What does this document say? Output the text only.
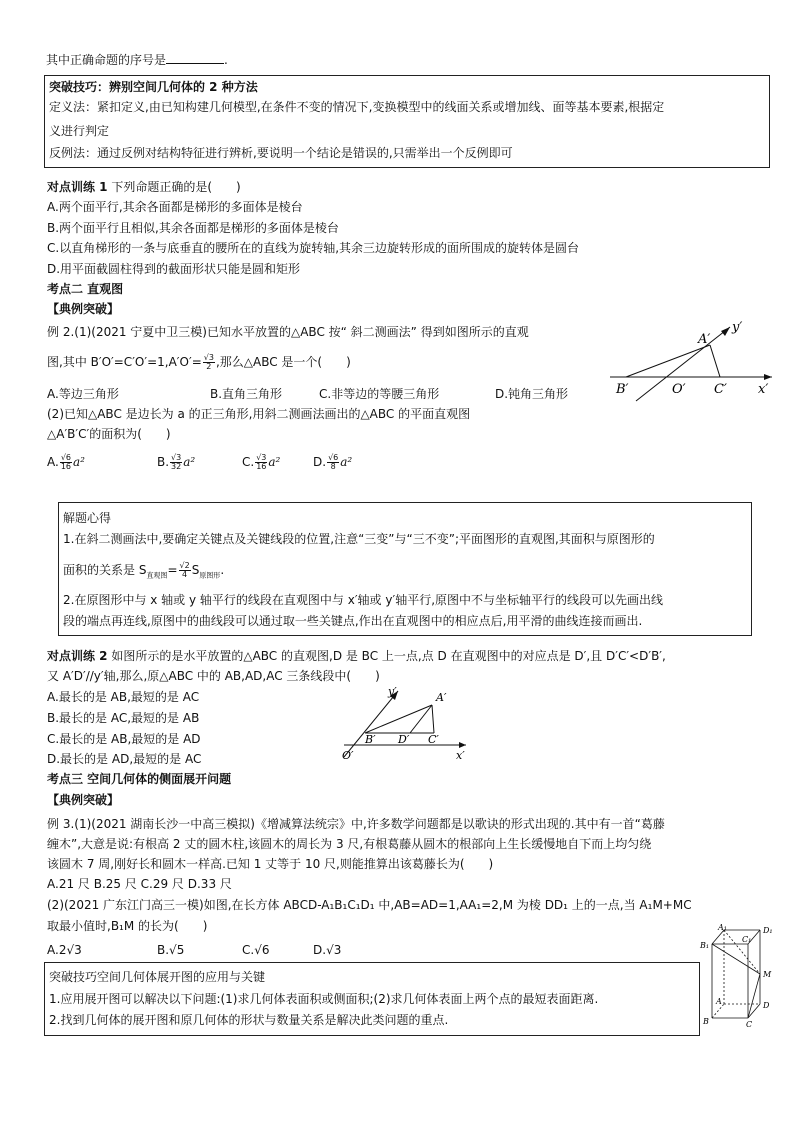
其中正确命题的序号是	.
突破技巧：辨别空间几何体的 2 种方法
定义法：紧扣定义,由已知构建几何模型,在条件不变的情况下,变换模型中的线面关系或增加线、面等基本要素,根据定
义进行判定
反例法：通过反例对结构特征进行辨析,要说明一个结论是错误的,只需举出一个反例即可
对点训练 1 下列命题正确的是(　　)
A.两个面平行,其余各面都是梯形的多面体是棱台
B.两个面平行且相似,其余各面都是梯形的多面体是棱台
C.以直角梯形的一条与底垂直的腰所在的直线为旋转轴,其余三边旋转形成的面所围成的旋转体是圆台
D.用平面截圆柱得到的截面形状只能是圆和矩形
考点二 直观图
【典例突破】
例 2.(1)(2021 宁夏中卫三模)已知水平放置的△ABC 按“ 斜二测画法” 得到如图所示的直观
图,其中 $B'O'=C'O'=1,A'O'= \frac{√3}{2}$ ,那么△ABC 是一个(　　)
A.等边三角形	B.直角三角形	C.非等边的等腰三角形	D.钝角三角形
(2)已知△ABC 是边长为 a 的正三角形,用斜二测画法画出的△ABC 的平面直观图
△A′B′C′的面积为(　　)
A. $\frac{√6}{16} a^2$	B. $\frac{√3}{32} a^2$	C. $\frac{√3}{16} a^2$	D. $\frac{√6}{8} a^2$
A′
y′
B′	O′ C′ x′
解题心得
1.在斜二测画法中,要确定关键点及关键线段的位置,注意“三变”与“三不变”;平面图形的直观图,其面积与原图形的
面积的关系是 $S_{直观图}= \frac{√2}{4} S_{原图形}$.
2.在原图形中与 x 轴或 y 轴平行的线段在直观图中与 x′轴或 y′轴平行,原图中不与坐标轴平行的线段可以先画出线
段的端点再连线,原图中的曲线段可以通过取一些关键点,作出在直观图中的相应点后,用平滑的曲线连接而画出.
对点训练 2 如图所示的是水平放置的△ABC 的直观图,D 是 BC 上一点,点 D 在直观图中的对应点是 D′,且 D′C′<D′B′,
又 A′D′//y′轴,那么,原△ABC 中的 AB,AD,AC 三条线段中(　　)
A.最长的是 AB,最短的是 AC
B.最长的是 AC,最短的是 AB
C.最长的是 AB,最短的是 AD
D.最长的是 AD,最短的是 AC
y′	A′
B′ D′ C′
O′	x′
考点三 空间几何体的侧面展开问题
【典例突破】
例 3.(1)(2021 湖南长沙一中高三模拟)《增减算法统宗》中,许多数学问题都是以歌诀的形式出现的.其中有一首“葛藤
缠木”,大意是说:有根高 2 丈的圆木柱,该圆木的周长为 3 尺,有根葛藤从圆木的根部向上生长缓慢地自下而上均匀绕
该圆木 7 周,刚好长和圆木一样高.已知 1 丈等于 10 尺,则能推算出该葛藤长为(　　)
A.21 尺 B.25 尺 C.29 尺 D.33 尺
(2)(2021 广东江门高三一模)如图,在长方体 ABCD-A₁B₁C₁D₁ 中,AB=AD=1,AA₁=2,M 为棱 DD₁ 上的一点,当 A₁M+MC
取最小值时,B₁M 的长为(　　)
A.2√3	B.√5	C.√6	D.√3	B₁
A₁
C₁
D₁
M
A
B	C
D
突破技巧空间几何体展开图的应用与关键
1.应用展开图可以解决以下问题:(1)求几何体表面积或侧面积;(2)求几何体表面上两个点的最短表面距离.
2.找到几何体的展开图和原几何体的形状与数量关系是解决此类问题的重点.
